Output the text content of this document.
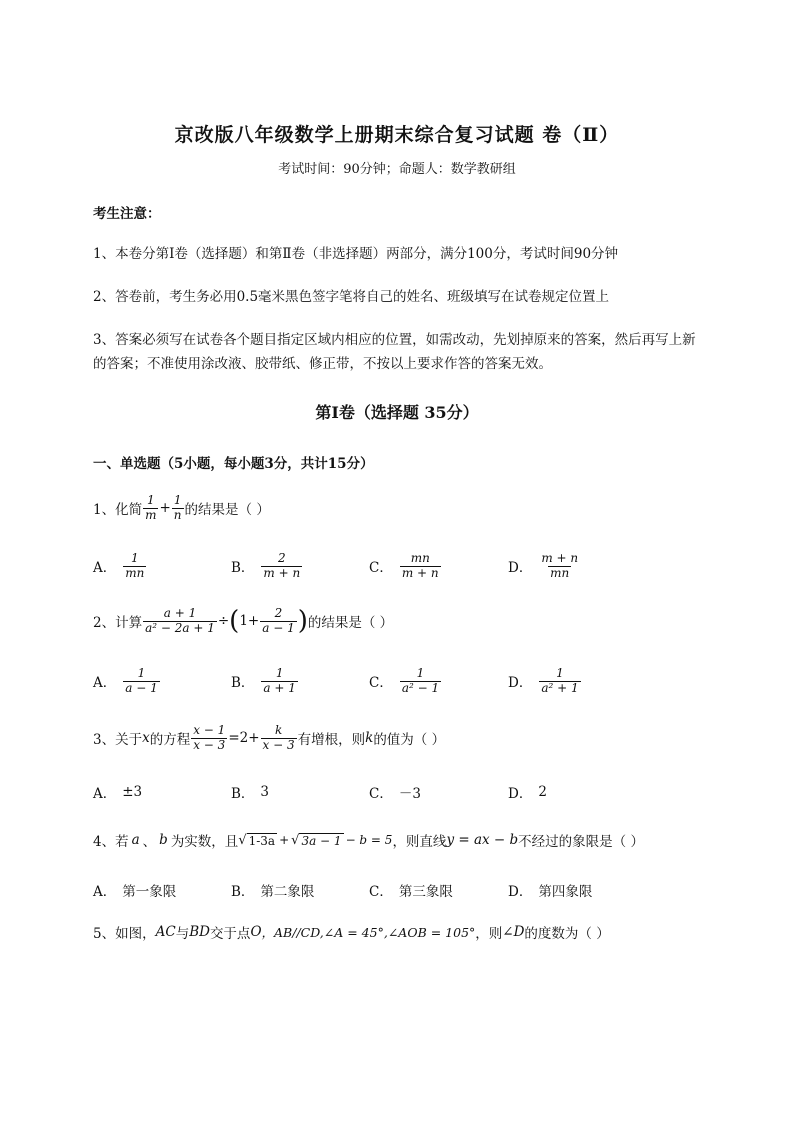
京改版八年级数学上册期末综合复习试题 卷（Ⅱ）
考试时间：90分钟；命题人：数学教研组
考生注意：
1、本卷分第I卷（选择题）和第Ⅱ卷（非选择题）两部分，满分100分，考试时间90分钟
2、答卷前，考生务必用0.5毫米黑色签字笔将自己的姓名、班级填写在试卷规定位置上
3、答案必须写在试卷各个题目指定区域内相应的位置，如需改动，先划掉原来的答案，然后再写上新
的答案；不准使用涂改液、胶带纸、修正带，不按以上要求作答的答案无效。
第I卷（选择题 35分）
一、单选题（5小题，每小题3分，共计15分）
1、化简 $\frac{1}{m} + \frac{1}{n}$ 的结果是（ ）
A． $\frac{1}{mn}$	B． $\frac{2}{m + n}$	C． $\frac{mn}{m + n}$	D． $\frac{m + n}{mn}$
2、计算 $\frac{a + 1}{\text{a² − 2a + 1}}$ ÷ ( $1+ \frac{2}{a - 1}$ ) 的结果是（ ）
A． $\frac{1}{a - 1}$	B． $\frac{1}{a + 1}$	C． $\frac{1}{\text{a² − 1}}$	D． $\frac{1}{\text{a² + 1}}$
3、关于 x 的方程 $\frac{x - 1}{x - 3} =2+ \frac{k}{x - 3}$ 有增根，则 k 的值为（ ）
A． ±3	B． 3	C． －3	D． 2
4、若 a 、 b 为实数，且 √ 1-3a + √ 3a − 1 − b = 5 ，则直线 y = ax − b 不经过的象限是（ ）
A． 第一象限	B． 第二象限	C． 第三象限	D． 第四象限
5、如图， AC 与 BD 交于点 O ，AB//CD,∠A = 45°,∠AOB = 105° ，则 ∠D 的度数为（ ）
